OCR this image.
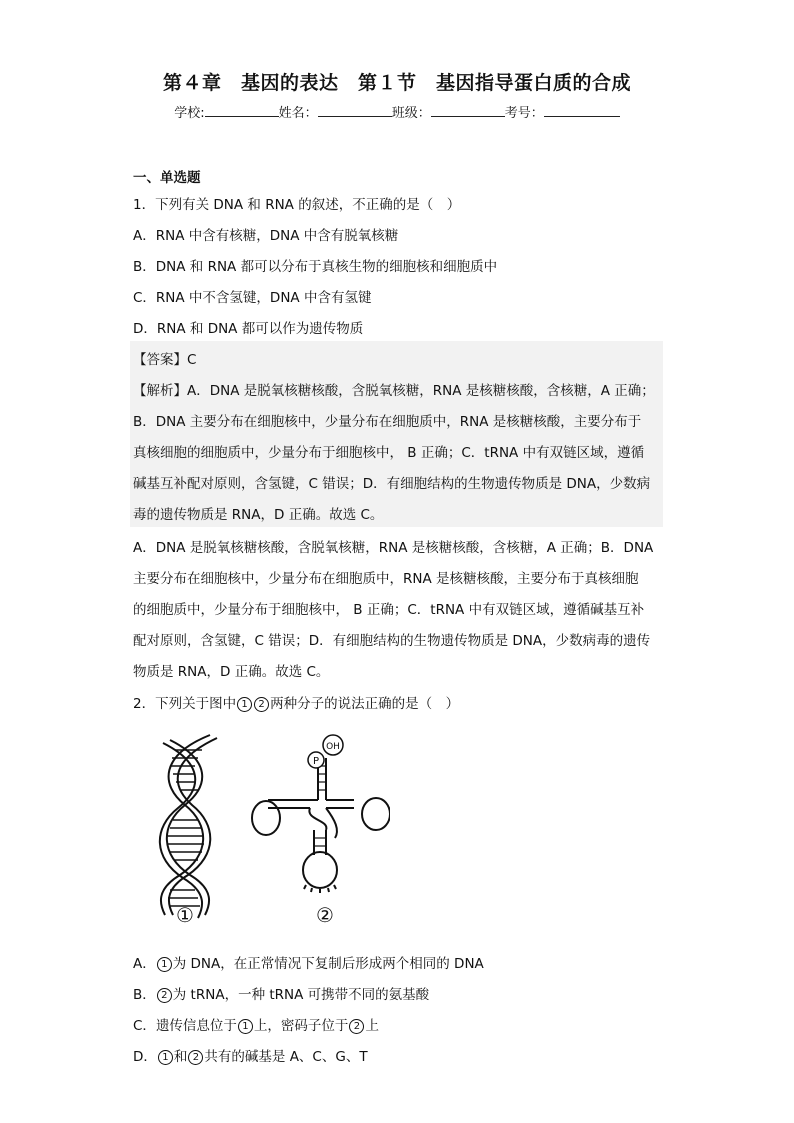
第４章　基因的表达　第１节　基因指导蛋白质的合成
学校:	姓名：	班级：	考号：
一、单选题
1．下列有关 DNA 和 RNA 的叙述，不正确的是（　）
A．RNA 中含有核糖，DNA 中含有脱氧核糖
B．DNA 和 RNA 都可以分布于真核生物的细胞核和细胞质中
C．RNA 中不含氢键，DNA 中含有氢键
D．RNA 和 DNA 都可以作为遗传物质
【答案】C
【解析】A．DNA 是脱氧核糖核酸，含脱氧核糖，RNA 是核糖核酸，含核糖，A 正确；
B．DNA 主要分布在细胞核中，少量分布在细胞质中，RNA 是核糖核酸，主要分布于
真核细胞的细胞质中，少量分布于细胞核中， B 正确；C．tRNA 中有双链区域，遵循
碱基互补配对原则，含氢键，C 错误；D．有细胞结构的生物遗传物质是 DNA，少数病
毒的遗传物质是 RNA，D 正确。故选 C。
A．DNA 是脱氧核糖核酸，含脱氧核糖，RNA 是核糖核酸，含核糖，A 正确；B．DNA
主要分布在细胞核中，少量分布在细胞质中，RNA 是核糖核酸，主要分布于真核细胞
的细胞质中，少量分布于细胞核中， B 正确；C．tRNA 中有双链区域，遵循碱基互补
配对原则，含氢键，C 错误；D．有细胞结构的生物遗传物质是 DNA，少数病毒的遗传
物质是 RNA，D 正确。故选 C。
2．下列关于图中 1 2 两种分子的说法正确的是（　）
①
P
OH
②
A． 1 为 DNA，在正常情况下复制后形成两个相同的 DNA
B． 2 为 tRNA，一种 tRNA 可携带不同的氨基酸
C．遗传信息位于 1 上，密码子位于 2 上
D． 1 和 2 共有的碱基是 A、C、G、T
